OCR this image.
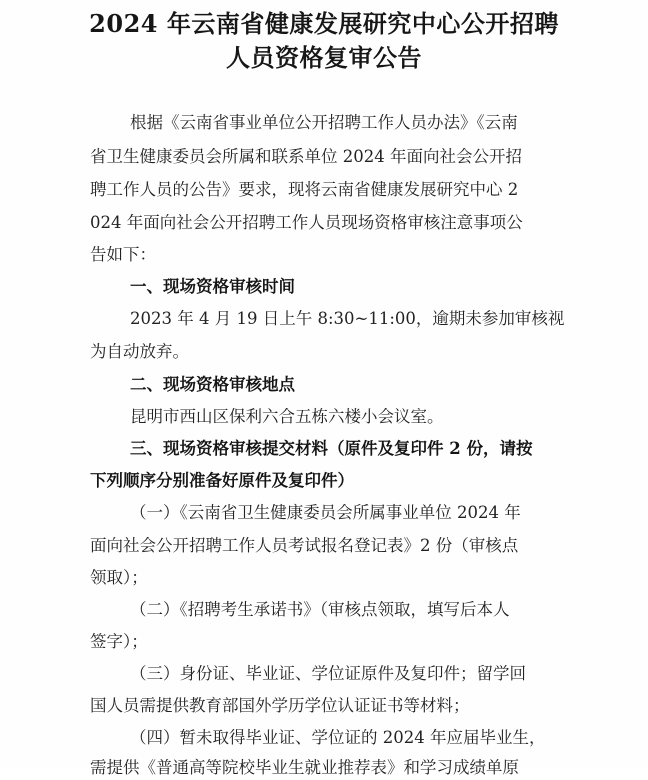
2024 年云南省健康发展研究中心公开招聘
人员资格复审公告
根据《云南省事业单位公开招聘工作人员办法》《云南
省卫生健康委员会所属和联系单位 2024 年面向社会公开招
聘工作人员的公告》要求，现将云南省健康发展研究中心 2
024 年面向社会公开招聘工作人员现场资格审核注意事项公
告如下：
一、现场资格审核时间
2023 年 4 月 19 日上午 8:30~11:00，逾期未参加审核视
为自动放弃。
二、现场资格审核地点
昆明市西山区保利六合五栋六楼小会议室。
三、现场资格审核提交材料（原件及复印件 2 份，请按
下列顺序分别准备好原件及复印件）
（一）《云南省卫生健康委员会所属事业单位 2024 年
面向社会公开招聘工作人员考试报名登记表》2 份（审核点
领取）；
（二）《招聘考生承诺书》（审核点领取，填写后本人
签字）；
（三）身份证、毕业证、学位证原件及复印件；留学回
国人员需提供教育部国外学历学位认证证书等材料；
（四）暂未取得毕业证、学位证的 2024 年应届毕业生，
需提供《普通高等院校毕业生就业推荐表》和学习成绩单原
